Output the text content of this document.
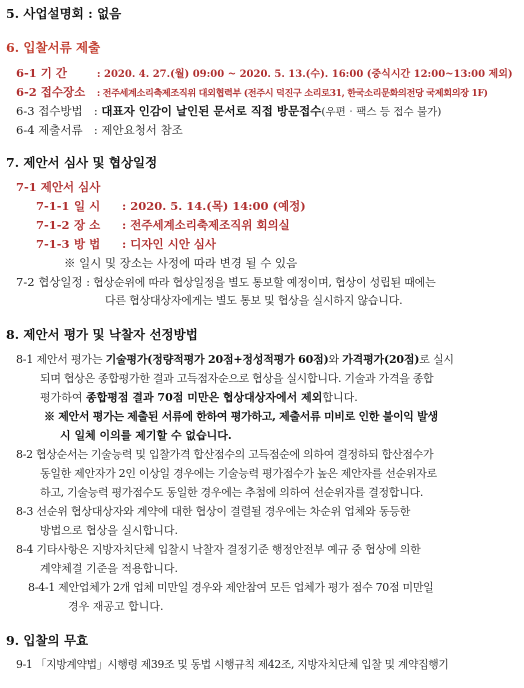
5. 사업설명회 : 없음
6. 입찰서류 제출
6-1 기 간	: 2020. 4. 27.(월) 09:00 ~ 2020. 5. 13.(수). 16:00 (중식시간 12:00~13:00 제외)
6-2 접수장소 : 전주세계소리축제조직위 대외협력부 (전주시 덕진구 소리로31, 한국소리문화의전당 국제회의장 1F)
6-3 접수방법 : 대표자 인감이 날인된 문서로 직접 방문접수(우편‧팩스 등 접수 불가)
6-4 제출서류 : 제안요청서 참조
7. 제안서 심사 및 협상일정
7-1 제안서 심사
7-1-1 일 시 : 2020. 5. 14.(목) 14:00 (예정)
7-1-2 장 소 : 전주세계소리축제조직위 회의실
7-1-3 방 법 : 디자인 시안 심사
※ 일시 및 장소는 사정에 따라 변경 될 수 있음
7-2 협상일정 : 협상순위에 따라 협상일정을 별도 통보할 예정이며, 협상이 성립된 때에는
다른 협상대상자에게는 별도 통보 및 협상을 실시하지 않습니다.
8. 제안서 평가 및 낙찰자 선정방법
8-1 제안서 평가는 기술평가(정량적평가 20점+정성적평가 60점)와 가격평가(20점)로 실시
되며 협상은 종합평가한 결과 고득점자순으로 협상을 실시합니다. 기술과 가격을 종합
평가하여 종합평점 결과 70점 미만은 협상대상자에서 제외합니다.
※ 제안서 평가는 제출된 서류에 한하여 평가하고, 제출서류 미비로 인한 불이익 발생
시 일체 이의를 제기할 수 없습니다.
8-2 협상순서는 기술능력 및 입찰가격 합산점수의 고득점순에 의하여 결정하되 합산점수가
동일한 제안자가 2인 이상일 경우에는 기술능력 평가점수가 높은 제안자를 선순위자로
하고, 기술능력 평가점수도 동일한 경우에는 추첨에 의하여 선순위자를 결정합니다.
8-3 선순위 협상대상자와 계약에 대한 협상이 결렬될 경우에는 차순위 업체와 동등한
방법으로 협상을 실시합니다.
8-4 기타사항은 지방자치단체 입찰시 낙찰자 결정기준 행정안전부 예규 중 협상에 의한
계약체결 기준을 적용합니다.
8-4-1 제안업체가 2개 업체 미만일 경우와 제안참여 모든 업체가 평가 점수 70점 미만일
경우 재공고 합니다.
9. 입찰의 무효
9-1 「지방계약법」시행령 제39조 및 동법 시행규칙 제42조, 지방자치단체 입찰 및 계약집행기
